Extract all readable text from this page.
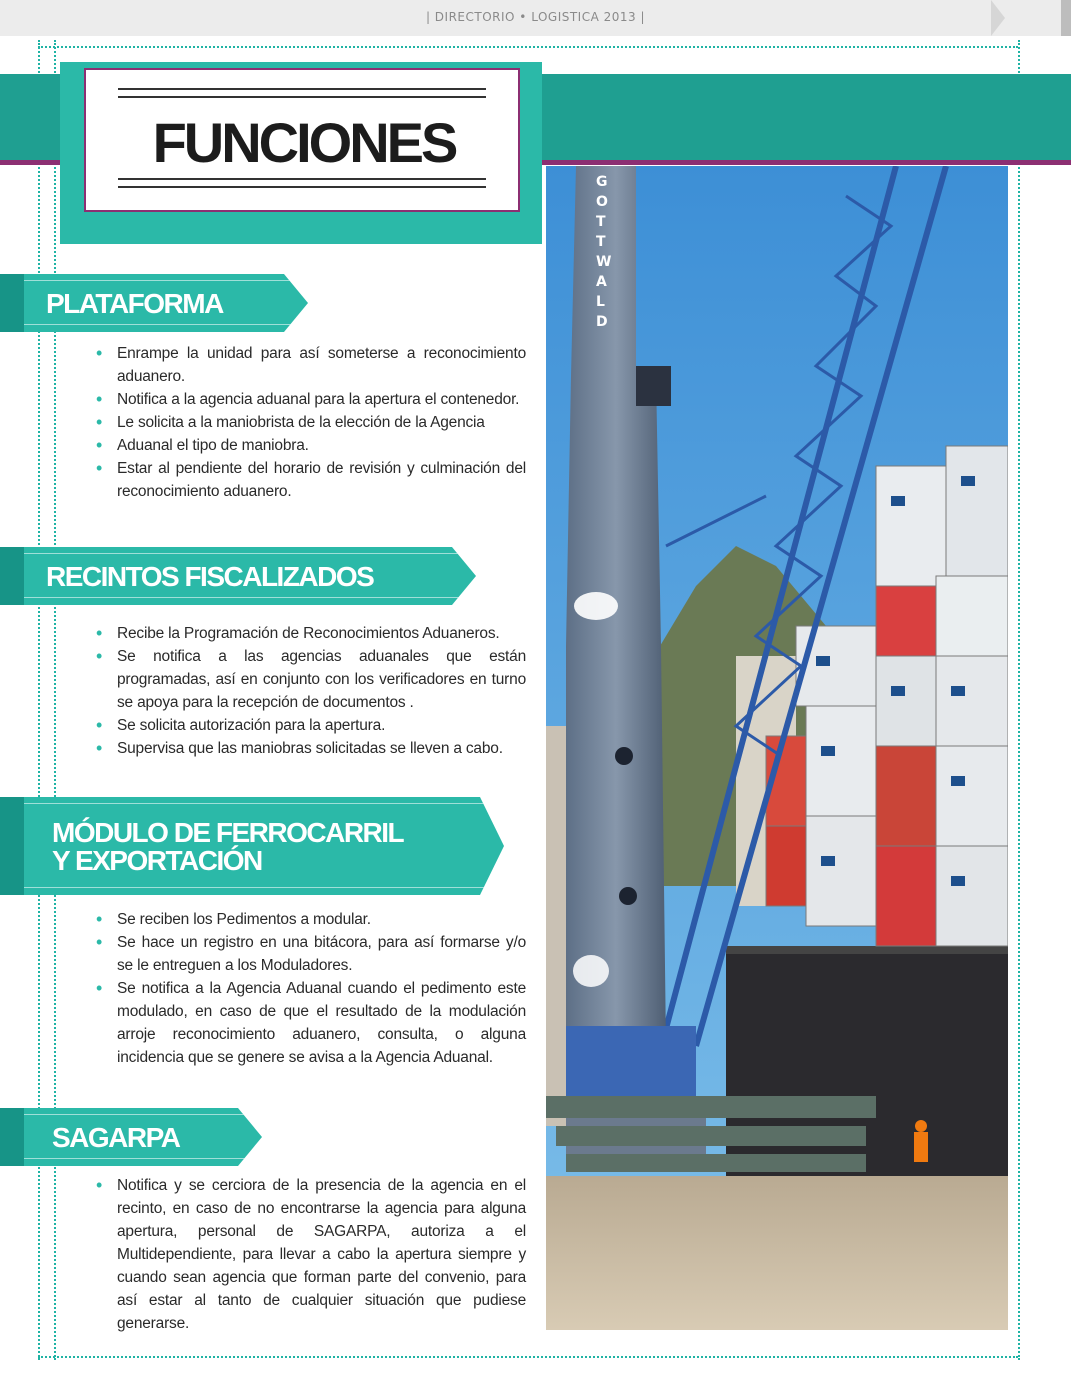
| DIRECTORIO • LOGISTICA 2013 |
FUNCIONES
G
O
T
T
W
A
L
D
PLATAFORMA
• Enrampe la unidad para así someterse a reconocimiento aduanero.
• Notifica a la agencia aduanal para la apertura el contenedor.
• Le solicita a la maniobrista de la elección de la Agencia
• Aduanal el tipo de maniobra.
• Estar al pendiente del horario de revisión y culminación del reconocimiento aduanero.
RECINTOS FISCALIZADOS
• Recibe la Programación de Reconocimientos Aduaneros.
• Se notifica a las agencias aduanales que están programadas, así en conjunto con los verificadores en turno se apoya para la recepción de documentos .
• Se solicita autorización para la apertura.
• Supervisa que las maniobras solicitadas se lleven a cabo.
MÓDULO DE FERROCARRIL
Y EXPORTACIÓN
• Se reciben los Pedimentos a modular.
• Se hace un registro en una bitácora, para así formarse y/o se le entreguen a los Moduladores.
• Se notifica a la Agencia Aduanal cuando el pedimento este modulado, en caso de que el resultado de la modulación arroje reconocimiento aduanero, consulta, o alguna incidencia que se genere se avisa a la Agencia Aduanal.
SAGARPA
• Notifica y se cerciora de la presencia de la agencia en el recinto, en caso de no encontrarse la agencia para alguna apertura, personal de SAGARPA, autoriza a el Multidependiente, para llevar a cabo la apertura siempre y cuando sean agencia que forman parte del convenio, para así estar al tanto de cualquier situación que pudiese generarse.
